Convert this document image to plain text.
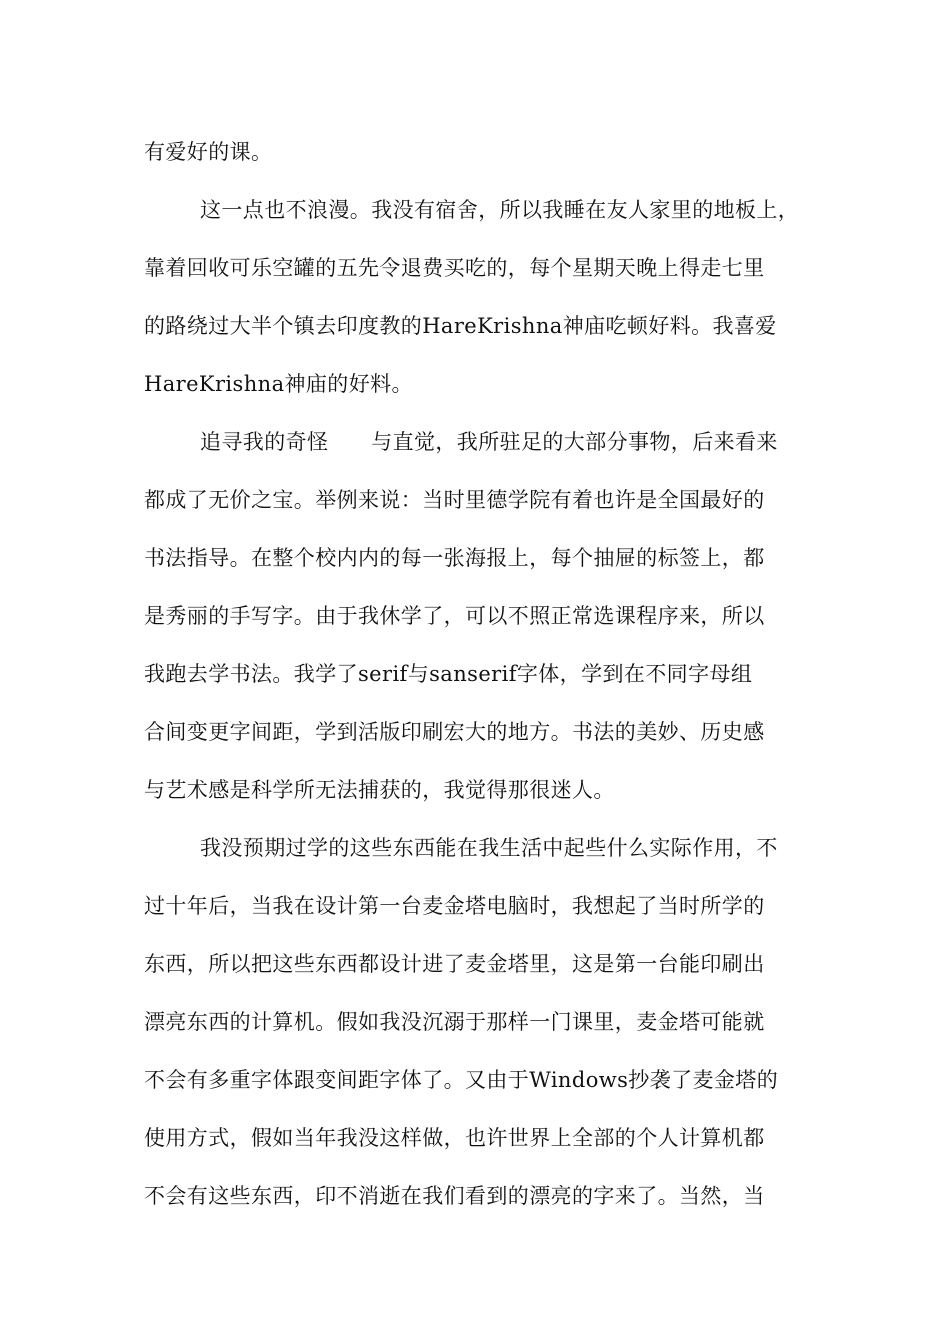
有爱好的课。

这一点也不浪漫。我没有宿舍，所以我睡在友人家里的地板上，

靠着回收可乐空罐的五先令退费买吃的，每个星期天晚上得走七里

的路绕过大半个镇去印度教的HareKrishna神庙吃顿好料。我喜爱

HareKrishna神庙的好料。

追寻我的奇怪　　与直觉，我所驻足的大部分事物，后来看来

都成了无价之宝。举例来说：当时里德学院有着也许是全国最好的

书法指导。在整个校内内的每一张海报上，每个抽屉的标签上，都

是秀丽的手写字。由于我休学了，可以不照正常选课程序来，所以

我跑去学书法。我学了serif与sanserif字体，学到在不同字母组

合间变更字间距，学到活版印刷宏大的地方。书法的美妙、历史感

与艺术感是科学所无法捕获的，我觉得那很迷人。

我没预期过学的这些东西能在我生活中起些什么实际作用，不

过十年后，当我在设计第一台麦金塔电脑时，我想起了当时所学的

东西，所以把这些东西都设计进了麦金塔里，这是第一台能印刷出

漂亮东西的计算机。假如我没沉溺于那样一门课里，麦金塔可能就

不会有多重字体跟变间距字体了。又由于Windows抄袭了麦金塔的

使用方式，假如当年我没这样做，也许世界上全部的个人计算机都

不会有这些东西，印不消逝在我们看到的漂亮的字来了。当然，当
